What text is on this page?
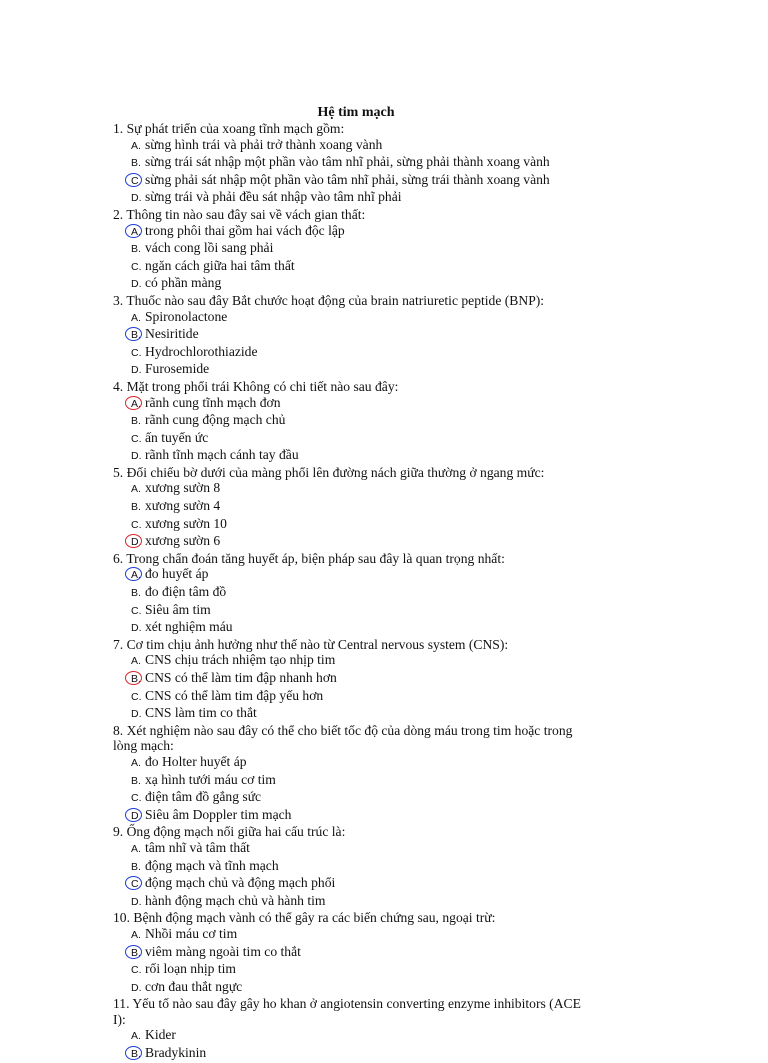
Hệ tim mạch
1. Sự phát triển của xoang tĩnh mạch gồm:
A. sừng hình trái và phải trở thành xoang vành
B. sừng trái sát nhập một phần vào tâm nhĩ phải, sừng phải thành xoang vành
C. sừng phải sát nhập một phần vào tâm nhĩ phải, sừng trái thành xoang vành
D. sừng trái và phải đều sát nhập vào tâm nhĩ phải
2. Thông tin nào sau đây sai về vách gian thất:
A. trong phôi thai gồm hai vách độc lập
B. vách cong lồi sang phải
C. ngăn cách giữa hai tâm thất
D. có phần màng
3. Thuốc nào sau đây Bắt chước hoạt động của brain natriuretic peptide (BNP):
A. Spironolactone
B. Nesiritide
C. Hydrochlorothiazide
D. Furosemide
4. Mặt trong phổi trái Không có chi tiết nào sau đây:
A. rãnh cung tĩnh mạch đơn
B. rãnh cung động mạch chủ
C. ấn tuyến ức
D. rãnh tĩnh mạch cánh tay đầu
5. Đối chiếu bờ dưới của màng phổi lên đường nách giữa thường ở ngang mức:
A. xương sườn 8
B. xương sườn 4
C. xương sườn 10
D. xương sườn 6
6. Trong chẩn đoán tăng huyết áp, biện pháp sau đây là quan trọng nhất:
A. đo huyết áp
B. đo điện tâm đồ
C. Siêu âm tim
D. xét nghiệm máu
7. Cơ tim chịu ảnh hưởng như thế nào từ Central nervous system (CNS):
A. CNS chịu trách nhiệm tạo nhịp tim
B. CNS có thể làm tim đập nhanh hơn
C. CNS có thể làm tim đập yếu hơn
D. CNS làm tim co thắt
8. Xét nghiệm nào sau đây có thể cho biết tốc độ của dòng máu trong tim hoặc trong lòng mạch:
A. đo Holter huyết áp
B. xạ hình tưới máu cơ tim
C. điện tâm đồ gắng sức
D. Siêu âm Doppler tim mạch
9. Ống động mạch nối giữa hai cấu trúc là:
A. tâm nhĩ và tâm thất
B. động mạch và tĩnh mạch
C. động mạch chủ và động mạch phổi
D. hành động mạch chủ và hành tim
10. Bệnh động mạch vành có thể gây ra các biến chứng sau, ngoại trừ:
A. Nhồi máu cơ tim
B. viêm màng ngoài tim co thắt
C. rối loạn nhịp tim
D. cơn đau thắt ngực
11. Yếu tố nào sau đây gây ho khan ở angiotensin converting enzyme inhibitors (ACE I):
A. Kider
B. Bradykinin
